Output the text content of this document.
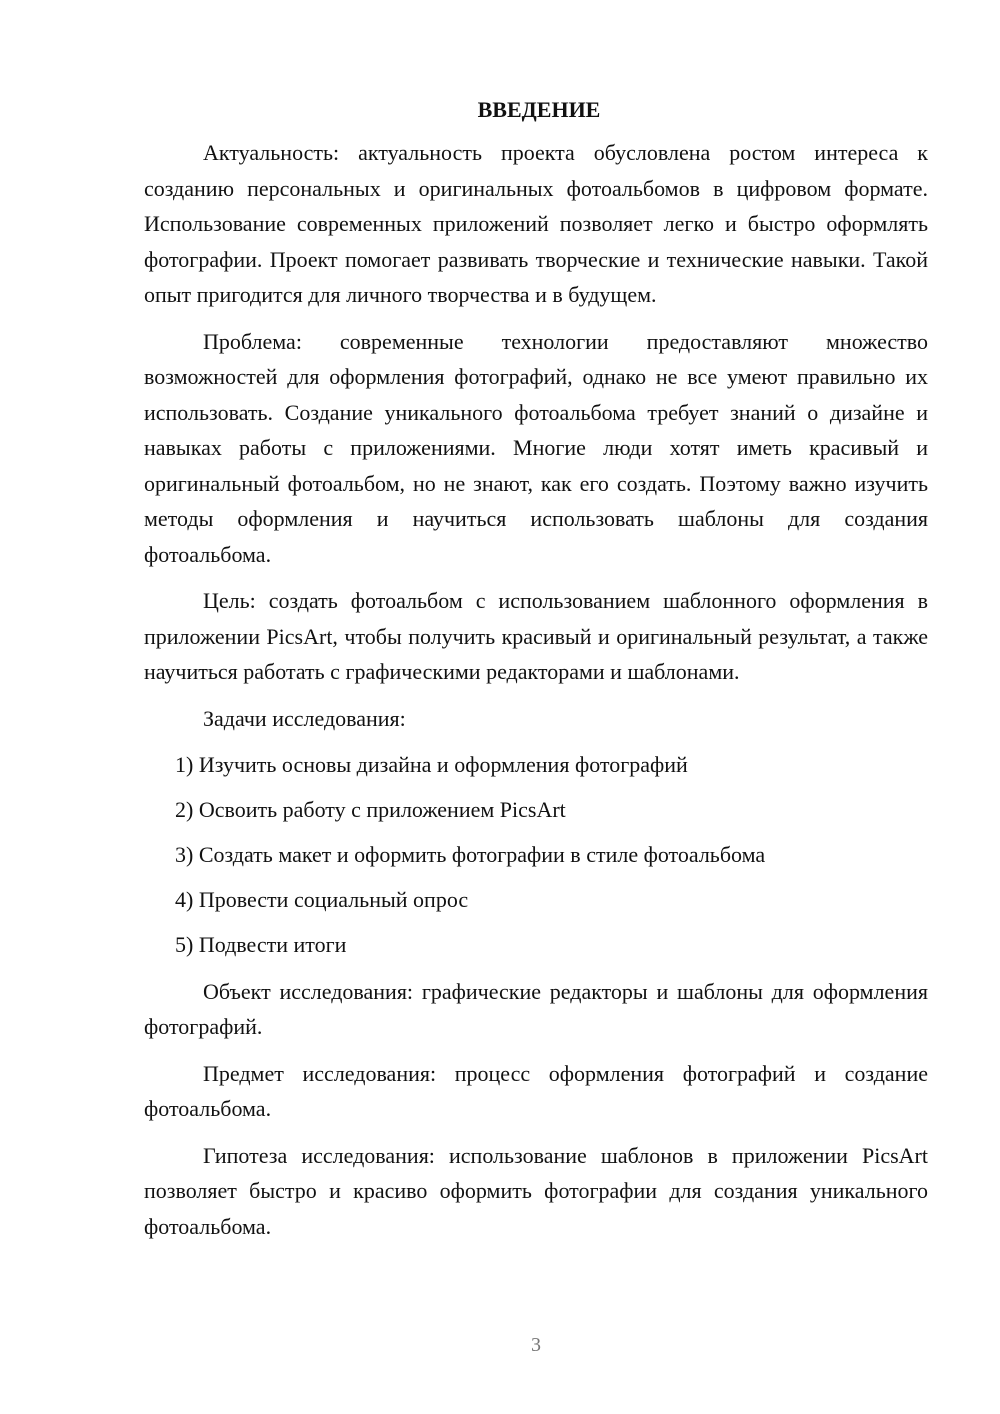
ВВЕДЕНИЕ

Актуальность: актуальность проекта обусловлена ростом интереса к созданию персональных и оригинальных фотоальбомов в цифровом формате. Использование современных приложений позволяет легко и быстро оформлять фотографии. Проект помогает развивать творческие и технические навыки. Такой опыт пригодится для личного творчества и в будущем.

Проблема: современные технологии предоставляют множество возможностей для оформления фотографий, однако не все умеют правильно их использовать. Создание уникального фотоальбома требует знаний о дизайне и навыках работы с приложениями. Многие люди хотят иметь красивый и оригинальный фотоальбом, но не знают, как его создать. Поэтому важно изучить методы оформления и научиться использовать шаблоны для создания фотоальбома.

Цель: создать фотоальбом с использованием шаблонного оформления в приложении PicsArt, чтобы получить красивый и оригинальный результат, а также научиться работать с графическими редакторами и шаблонами.

Задачи исследования:

1) Изучить основы дизайна и оформления фотографий
2) Освоить работу с приложением PicsArt
3) Создать макет и оформить фотографии в стиле фотоальбома
4) Провести социальный опрос
5) Подвести итоги

Объект исследования: графические редакторы и шаблоны для оформления фотографий.

Предмет исследования: процесс оформления фотографий и создание фотоальбома.

Гипотеза исследования: использование шаблонов в приложении PicsArt позволяет быстро и красиво оформить фотографии для создания уникального фотоальбома.

3
